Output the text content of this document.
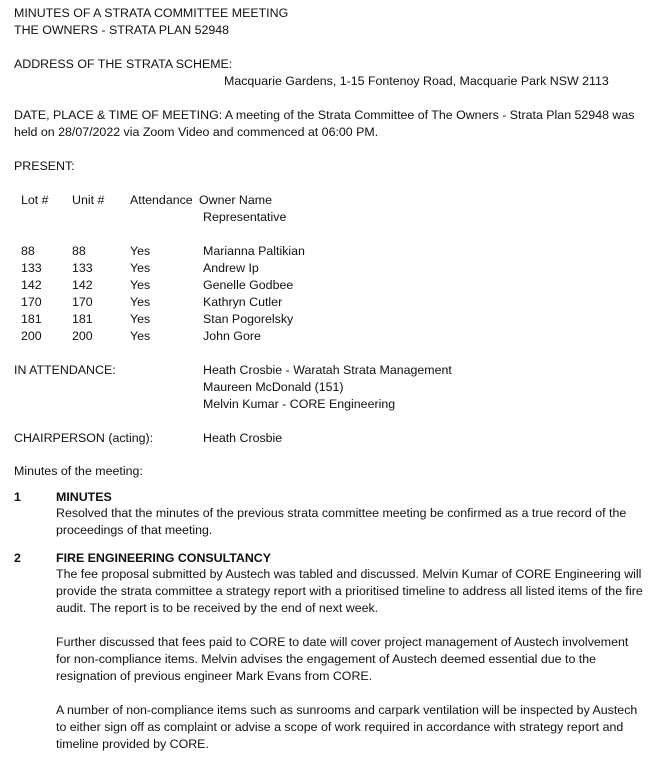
MINUTES OF A STRATA COMMITTEE MEETING
THE OWNERS - STRATA PLAN 52948
ADDRESS OF THE STRATA SCHEME:
Macquarie Gardens, 1-15 Fontenoy Road, Macquarie Park NSW 2113
DATE, PLACE & TIME OF MEETING: A meeting of the Strata Committee of The Owners - Strata Plan 52948 was
held on 28/07/2022 via Zoom Video and commenced at 06:00 PM.
PRESENT:
Lot # Unit # Attendance Owner Name
Representative
88	88	Yes	Marianna Paltikian
133 133	Yes	Andrew Ip
142 142	Yes	Genelle Godbee
170 170	Yes	Kathryn Cutler
181 181	Yes	Stan Pogorelsky
200 200	Yes	John Gore
IN ATTENDANCE:	Heath Crosbie - Waratah Strata Management
Maureen McDonald (151)
Melvin Kumar - CORE Engineering
CHAIRPERSON (acting):	Heath Crosbie
Minutes of the meeting:
1	MINUTES
Resolved that the minutes of the previous strata committee meeting be confirmed as a true record of the proceedings of that meeting.
2	FIRE ENGINEERING CONSULTANCY
The fee proposal submitted by Austech was tabled and discussed. Melvin Kumar of CORE Engineering will provide the strata committee a strategy report with a prioritised timeline to address all listed items of the fire audit. The report is to be received by the end of next week.
Further discussed that fees paid to CORE to date will cover project management of Austech involvement for non-compliance items. Melvin advises the engagement of Austech deemed essential due to the resignation of previous engineer Mark Evans from CORE.
A number of non-compliance items such as sunrooms and carpark ventilation will be inspected by Austech to either sign off as complaint or advise a scope of work required in accordance with strategy report and timeline provided by CORE.
